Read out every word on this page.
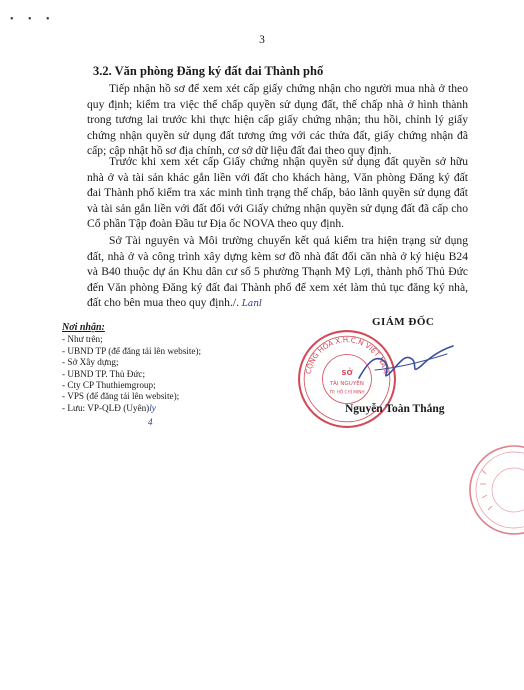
• • •
3
3.2. Văn phòng Đăng ký đất đai Thành phố

Tiếp nhận hồ sơ để xem xét cấp giấy chứng nhận cho người mua nhà ở theo quy định; kiểm tra việc thế chấp quyền sử dụng đất, thế chấp nhà ở hình thành trong tương lai trước khi thực hiện cấp giấy chứng nhận; thu hồi, chỉnh lý giấy chứng nhận quyền sử dụng đất tương ứng với các thửa đất, giấy chứng nhận đã cấp; cập nhật hồ sơ địa chính, cơ sở dữ liệu đất đai theo quy định.

Trước khi xem xét cấp Giấy chứng nhận quyền sử dụng đất quyền sở hữu nhà ở và tài sản khác gắn liền với đất cho khách hàng, Văn phòng Đăng ký đất đai Thành phố kiểm tra xác minh tình trạng thế chấp, bảo lãnh quyền sử dụng đất và tài sản gắn liền với đất đối với Giấy chứng nhận quyền sử dụng đất đã cấp cho Cổ phần Tập đoàn Đầu tư Địa ốc NOVA theo quy định.

Sở Tài nguyên và Môi trường chuyển kết quả kiểm tra hiện trạng sử dụng đất, nhà ở và công trình xây dựng kèm sơ đồ nhà đất đối căn nhà ở ký hiệu B24 và B40 thuộc dự án Khu dân cư số 5 phường Thạnh Mỹ Lợi, thành phố Thủ Đức đến Văn phòng Đăng ký đất đai Thành phố để xem xét làm thủ tục đăng ký nhà, đất cho bên mua theo quy định./. Lanl

Nơi nhận:
- Như trên;
- UBND TP (để đăng tải lên website);
- Sở Xây dựng;
- UBND TP. Thủ Đức;
- Cty CP Thuthiemgroup;
- VPS (để đăng tải lên website);
- Lưu: VP-QLĐ (Uyên)ly
4
GIÁM ĐỐC
CỘNG HÒA X.H.C.N VIỆT NAM
SỞ
TÀI NGUYÊN
TP. HỒ CHÍ MINH
Nguyễn Toàn Thắng
